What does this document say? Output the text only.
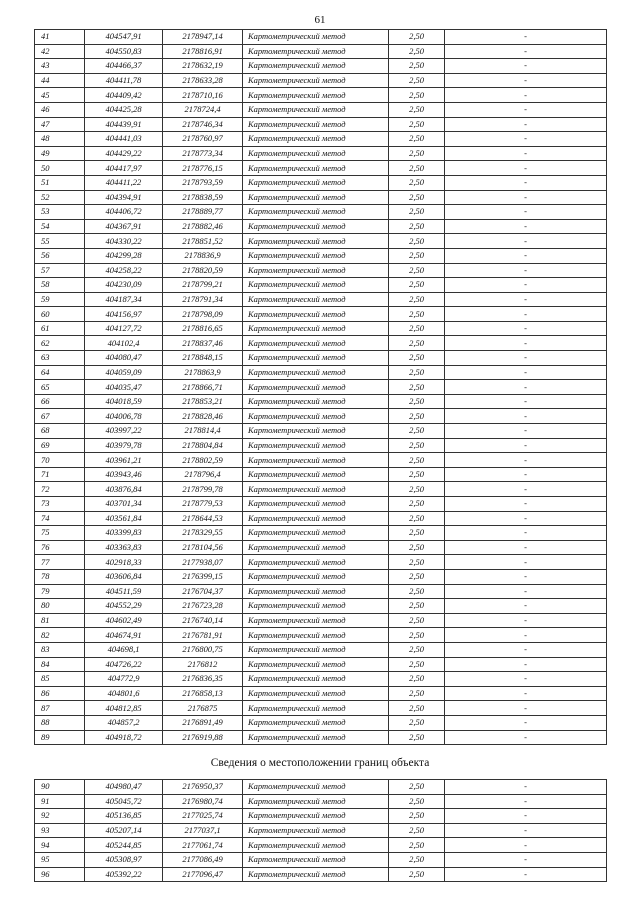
61
41	404547,91	2178947,14	Картометрический метод	2,50	-
42	404550,83	2178816,91	Картометрический метод	2,50	-
43	404466,37	2178632,19	Картометрический метод	2,50	-
44	404411,78	2178633,28	Картометрический метод	2,50	-
45	404409,42	2178710,16	Картометрический метод	2,50	-
46	404425,28	2178724,4	Картометрический метод	2,50	-
47	404439,91	2178746,34	Картометрический метод	2,50	-
48	404441,03	2178760,97	Картометрический метод	2,50	-
49	404429,22	2178773,34	Картометрический метод	2,50	-
50	404417,97	2178776,15	Картометрический метод	2,50	-
51	404411,22	2178793,59	Картометрический метод	2,50	-
52	404394,91	2178838,59	Картометрический метод	2,50	-
53	404406,72	2178889,77	Картометрический метод	2,50	-
54	404367,91	2178882,46	Картометрический метод	2,50	-
55	404330,22	2178851,52	Картометрический метод	2,50	-
56	404299,28	2178836,9	Картометрический метод	2,50	-
57	404258,22	2178820,59	Картометрический метод	2,50	-
58	404230,09	2178799,21	Картометрический метод	2,50	-
59	404187,34	2178791,34	Картометрический метод	2,50	-
60	404156,97	2178798,09	Картометрический метод	2,50	-
61	404127,72	2178816,65	Картометрический метод	2,50	-
62	404102,4	2178837,46	Картометрический метод	2,50	-
63	404080,47	2178848,15	Картометрический метод	2,50	-
64	404059,09	2178863,9	Картометрический метод	2,50	-
65	404035,47	2178866,71	Картометрический метод	2,50	-
66	404018,59	2178853,21	Картометрический метод	2,50	-
67	404006,78	2178828,46	Картометрический метод	2,50	-
68	403997,22	2178814,4	Картометрический метод	2,50	-
69	403979,78	2178804,84	Картометрический метод	2,50	-
70	403961,21	2178802,59	Картометрический метод	2,50	-
71	403943,46	2178796,4	Картометрический метод	2,50	-
72	403876,84	2178799,78	Картометрический метод	2,50	-
73	403701,34	2178779,53	Картометрический метод	2,50	-
74	403561,84	2178644,53	Картометрический метод	2,50	-
75	403399,83	2178329,55	Картометрический метод	2,50	-
76	403363,83	2178104,56	Картометрический метод	2,50	-
77	402918,33	2177938,07	Картометрический метод	2,50	-
78	403606,84	2176399,15	Картометрический метод	2,50	-
79	404511,59	2176704,37	Картометрический метод	2,50	-
80	404552,29	2176723,28	Картометрический метод	2,50	-
81	404602,49	2176740,14	Картометрический метод	2,50	-
82	404674,91	2176781,91	Картометрический метод	2,50	-
83	404698,1	2176800,75	Картометрический метод	2,50	-
84	404726,22	2176812	Картометрический метод	2,50	-
85	404772,9	2176836,35	Картометрический метод	2,50	-
86	404801,6	2176858,13	Картометрический метод	2,50	-
87	404812,85	2176875	Картометрический метод	2,50	-
88	404857,2	2176891,49	Картометрический метод	2,50	-
89	404918,72	2176919,88	Картометрический метод	2,50	-
Сведения о местоположении границ объекта
90	404980,47	2176950,37	Картометрический метод	2,50	-
91	405045,72	2176980,74	Картометрический метод	2,50	-
92	405136,85	2177025,74	Картометрический метод	2,50	-
93	405207,14	2177037,1	Картометрический метод	2,50	-
94	405244,85	2177061,74	Картометрический метод	2,50	-
95	405308,97	2177086,49	Картометрический метод	2,50	-
96	405392,22	2177096,47	Картометрический метод	2,50	-
